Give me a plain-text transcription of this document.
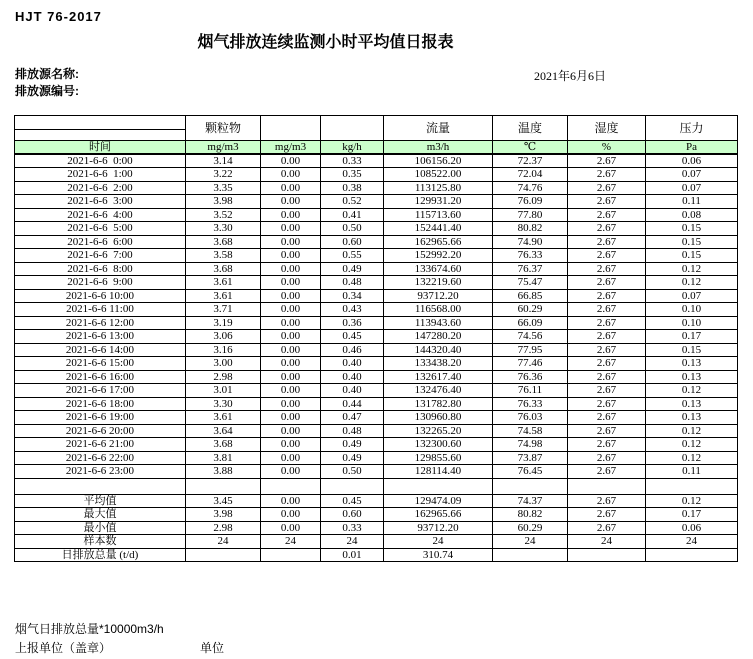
HJT 76-2017
烟气排放连续监测小时平均值日报表
排放源名称:
排放源编号:
2021年6月6日
	颗粒物			流量	温度	湿度	压力

时间	mg/m3	mg/m3	kg/h	m3/h	℃	%	Pa
2021-6-6  0:00	3.14	0.00	0.33	106156.20	72.37	2.67	0.06
2021-6-6  1:00	3.22	0.00	0.35	108522.00	72.04	2.67	0.07
2021-6-6  2:00	3.35	0.00	0.38	113125.80	74.76	2.67	0.07
2021-6-6  3:00	3.98	0.00	0.52	129931.20	76.09	2.67	0.11
2021-6-6  4:00	3.52	0.00	0.41	115713.60	77.80	2.67	0.08
2021-6-6  5:00	3.30	0.00	0.50	152441.40	80.82	2.67	0.15
2021-6-6  6:00	3.68	0.00	0.60	162965.66	74.90	2.67	0.15
2021-6-6  7:00	3.58	0.00	0.55	152992.20	76.33	2.67	0.15
2021-6-6  8:00	3.68	0.00	0.49	133674.60	76.37	2.67	0.12
2021-6-6  9:00	3.61	0.00	0.48	132219.60	75.47	2.67	0.12
2021-6-6 10:00	3.61	0.00	0.34	93712.20	66.85	2.67	0.07
2021-6-6 11:00	3.71	0.00	0.43	116568.00	60.29	2.67	0.10
2021-6-6 12:00	3.19	0.00	0.36	113943.60	66.09	2.67	0.10
2021-6-6 13:00	3.06	0.00	0.45	147280.20	74.56	2.67	0.17
2021-6-6 14:00	3.16	0.00	0.46	144320.40	77.95	2.67	0.15
2021-6-6 15:00	3.00	0.00	0.40	133438.20	77.46	2.67	0.13
2021-6-6 16:00	2.98	0.00	0.40	132617.40	76.36	2.67	0.13
2021-6-6 17:00	3.01	0.00	0.40	132476.40	76.11	2.67	0.12
2021-6-6 18:00	3.30	0.00	0.44	131782.80	76.33	2.67	0.13
2021-6-6 19:00	3.61	0.00	0.47	130960.80	76.03	2.67	0.13
2021-6-6 20:00	3.64	0.00	0.48	132265.20	74.58	2.67	0.12
2021-6-6 21:00	3.68	0.00	0.49	132300.60	74.98	2.67	0.12
2021-6-6 22:00	3.81	0.00	0.49	129855.60	73.87	2.67	0.12
2021-6-6 23:00	3.88	0.00	0.50	128114.40	76.45	2.67	0.11

平均值	3.45	0.00	0.45	129474.09	74.37	2.67	0.12
最大值	3.98	0.00	0.60	162965.66	80.82	2.67	0.17
最小值	2.98	0.00	0.33	93712.20	60.29	2.67	0.06
样本数	24	24	24	24	24	24	24
日排放总量 (t/d)			0.01	310.74			
烟气日排放总量*10000m3/h
上报单位（盖章）	单位
